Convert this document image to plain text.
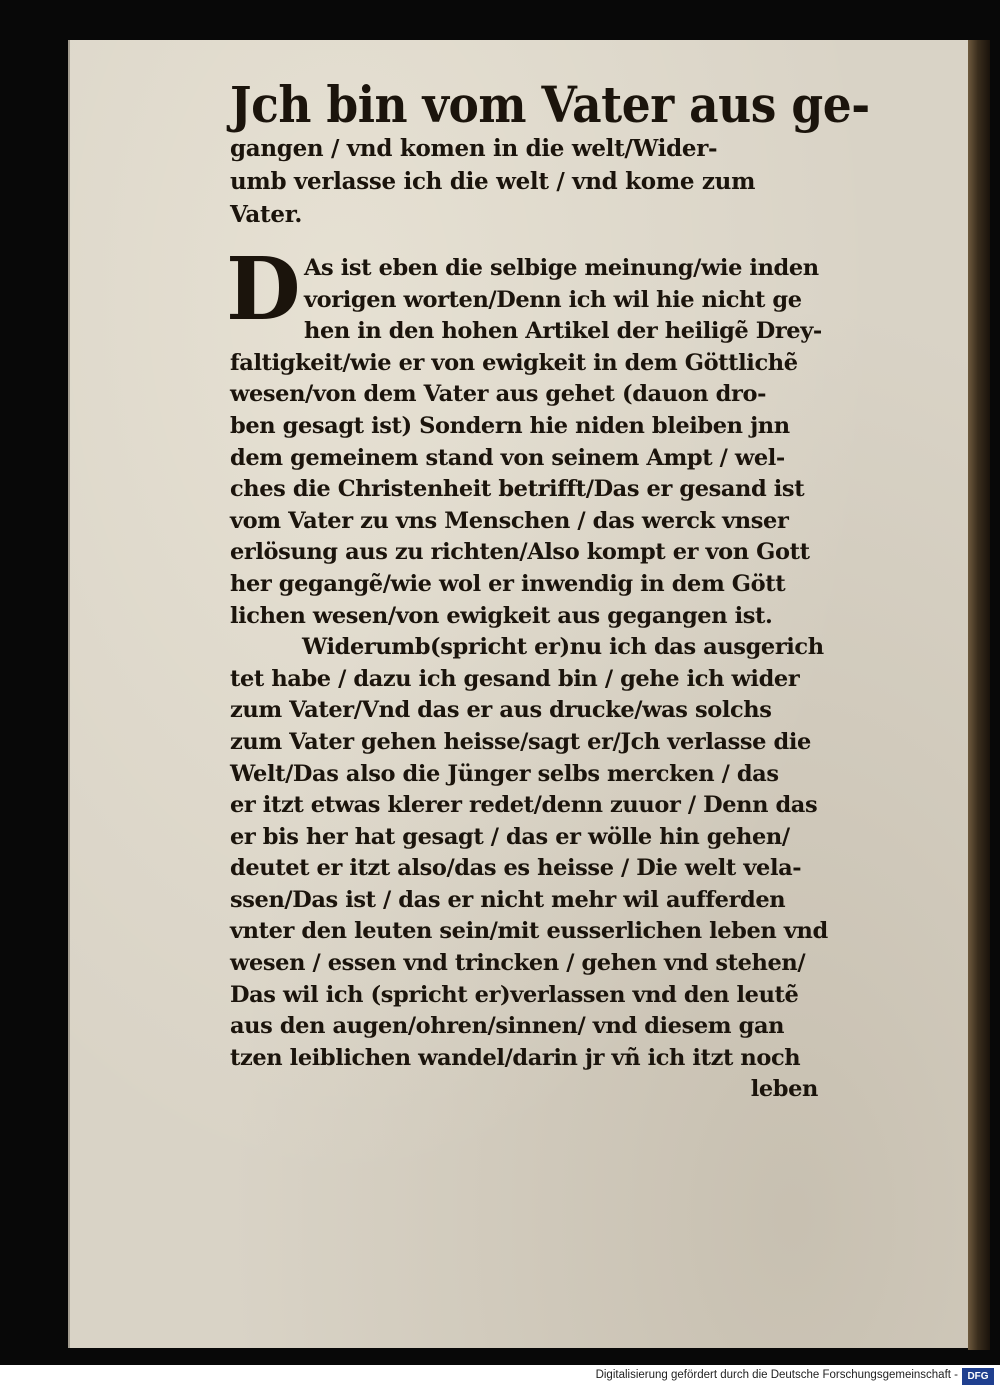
Jch bin vom Vater aus ge-
gangen / vnd komen in die welt/Wider-
umb verlasse ich die welt / vnd kome zum
Vater.
D As ist eben die selbige meinung/wie inden
vorigen worten/Denn ich wil hie nicht ge
hen in den hohen Artikel der heiligẽ Drey-
faltigkeit/wie er von ewigkeit in dem Göttlichẽ
wesen/von dem Vater aus gehet (dauon dro-
ben gesagt ist) Sondern hie niden bleiben jnn
dem gemeinem stand von seinem Ampt / wel-
ches die Christenheit betrifft/Das er gesand ist
vom Vater zu vns Menschen / das werck vnser
erlösung aus zu richten/Also kompt er von Gott
her gegangẽ/wie wol er inwendig in dem Gött
lichen wesen/von ewigkeit aus gegangen ist.
Widerumb(spricht er)nu ich das ausgerich
tet habe / dazu ich gesand bin / gehe ich wider
zum Vater/Vnd das er aus drucke/was solchs
zum Vater gehen heisse/sagt er/Jch verlasse die
Welt/Das also die Jünger selbs mercken / das
er itzt etwas klerer redet/denn zuuor / Denn das
er bis her hat gesagt / das er wölle hin gehen/
deutet er itzt also/das es heisse / Die welt vela-
ssen/Das ist / das er nicht mehr wil aufferden
vnter den leuten sein/mit eusserlichen leben vnd
wesen / essen vnd trincken / gehen vnd stehen/
Das wil ich (spricht er)verlassen vnd den leutẽ
aus den augen/ohren/sinnen/ vnd diesem gan
tzen leiblichen wandel/darin jr vñ ich itzt noch
leben
Digitalisierung gefördert durch die Deutsche Forschungsgemeinschaft - DFG
